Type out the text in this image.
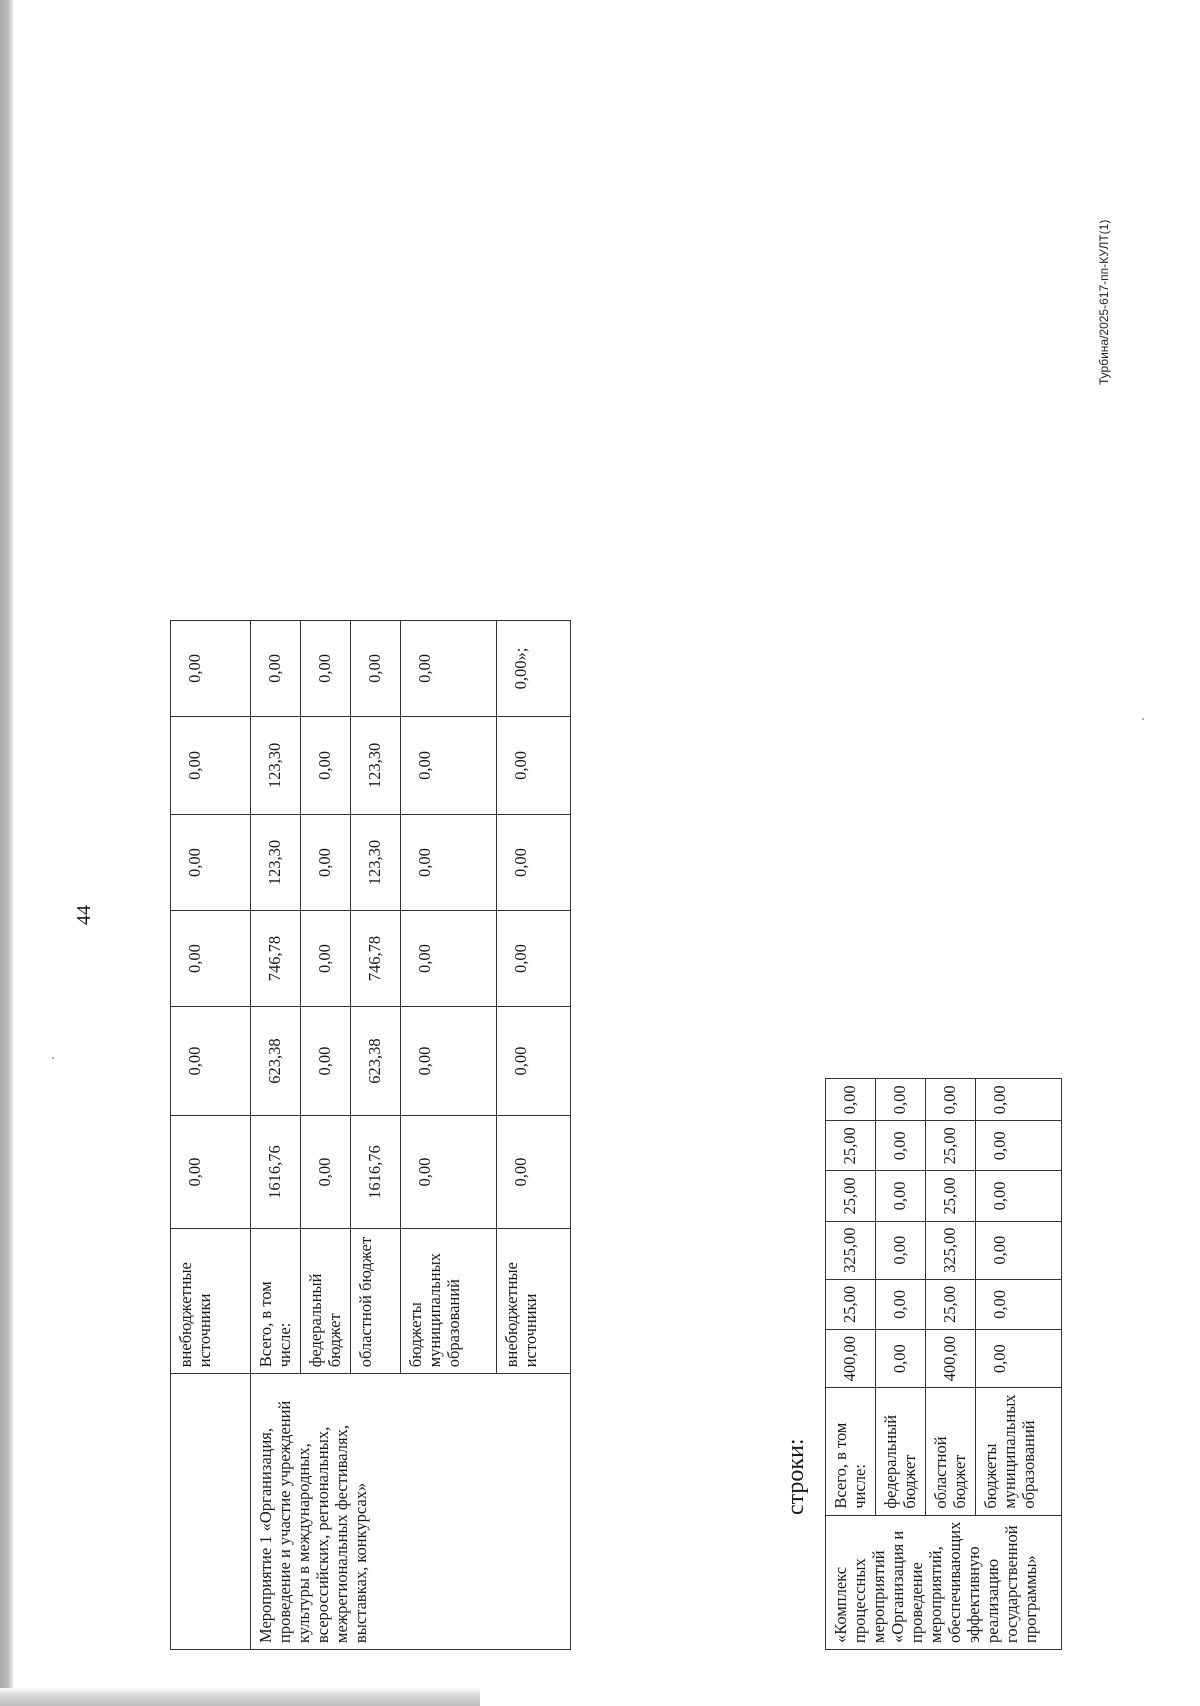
44
	внебюджетные источники	0,00	0,00	0,00	0,00	0,00	0,00
Мероприятие 1 «Организация, проведение и участие учреждений культуры в международных, всероссийских, региональных, межрегиональных фестивалях, выставках, конкурсах»	Всего, в том числе:	1616,76	623,38	746,78	123,30	123,30	0,00
	федеральный бюджет	0,00	0,00	0,00	0,00	0,00	0,00
	областной бюджет	1616,76	623,38	746,78	123,30	123,30	0,00
	бюджеты муниципальных образований	0,00	0,00	0,00	0,00	0,00	0,00
	внебюджетные источники	0,00	0,00	0,00	0,00	0,00	0,00»;
строки:
«Комплекс процессных мероприятий «Организация и проведение мероприятий, обеспечивающих эффективную реализацию государственной программы»	Всего, в том числе:	400,00	25,00	325,00	25,00	25,00	0,00
	федеральный бюджет	0,00	0,00	0,00	0,00	0,00	0,00
	областной бюджет	400,00	25,00	325,00	25,00	25,00	0,00
	бюджеты муниципальных образований	0,00	0,00	0,00	0,00	0,00	0,00
Турбина/2025-617-пп-КУЛТ(1)
